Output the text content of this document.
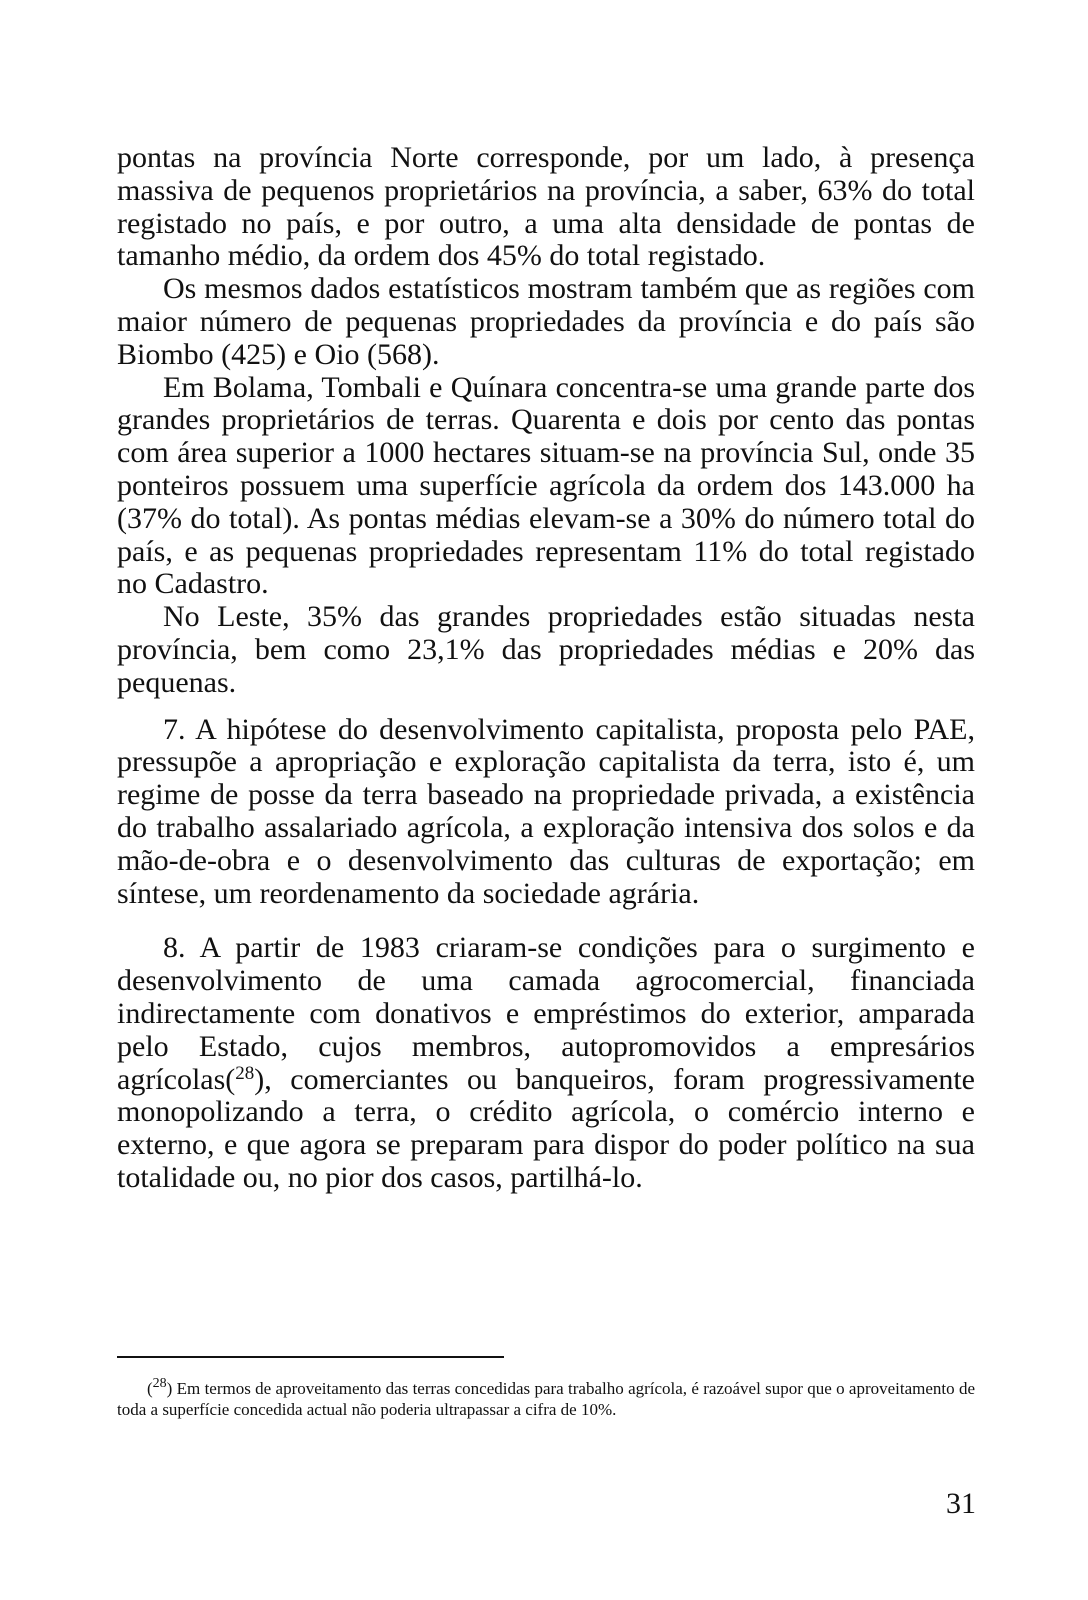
pontas na província Norte corresponde, por um lado, à presença massiva de pequenos proprietários na província, a saber, 63% do total registado no país, e por outro, a uma alta densidade de pontas de tamanho médio, da ordem dos 45% do total registado.

Os mesmos dados estatísticos mostram também que as regiões com maior número de pequenas propriedades da província e do país são Biombo (425) e Oio (568).

Em Bolama, Tombali e Quínara concentra-se uma grande parte dos grandes proprietários de terras. Quarenta e dois por cento das pontas com área superior a 1000 hectares situam-se na província Sul, onde 35 ponteiros possuem uma superfície agrícola da ordem dos 143.000 ha (37% do total). As pontas médias elevam-se a 30% do número total do país, e as pequenas propriedades representam 11% do total registado no Cadastro.

No Leste, 35% das grandes propriedades estão situadas nesta província, bem como 23,1% das propriedades médias e 20% das pequenas.

7. A hipótese do desenvolvimento capitalista, proposta pelo PAE, pressupõe a apropriação e exploração capitalista da terra, isto é, um regime de posse da terra baseado na propriedade privada, a existência do trabalho assalariado agrícola, a exploração intensiva dos solos e da mão-de-obra e o desenvolvimento das culturas de exportação; em síntese, um reordenamento da sociedade agrária.

8. A partir de 1983 criaram-se condições para o surgimento e desenvolvimento de uma camada agrocomercial, financiada indirectamente com donativos e empréstimos do exterior, amparada pelo Estado, cujos membros, autopromovidos a empresários agrícolas($^{28}$), comerciantes ou banqueiros, foram progressivamente monopolizando a terra, o crédito agrícola, o comércio interno e externo, e que agora se preparam para dispor do poder político na sua totalidade ou, no pior dos casos, partilhá-lo.

($^{28}$) Em termos de aproveitamento das terras concedidas para trabalho agrícola, é razoável supor que o aproveitamento de toda a superfície concedida actual não poderia ultrapassar a cifra de 10%.
31
